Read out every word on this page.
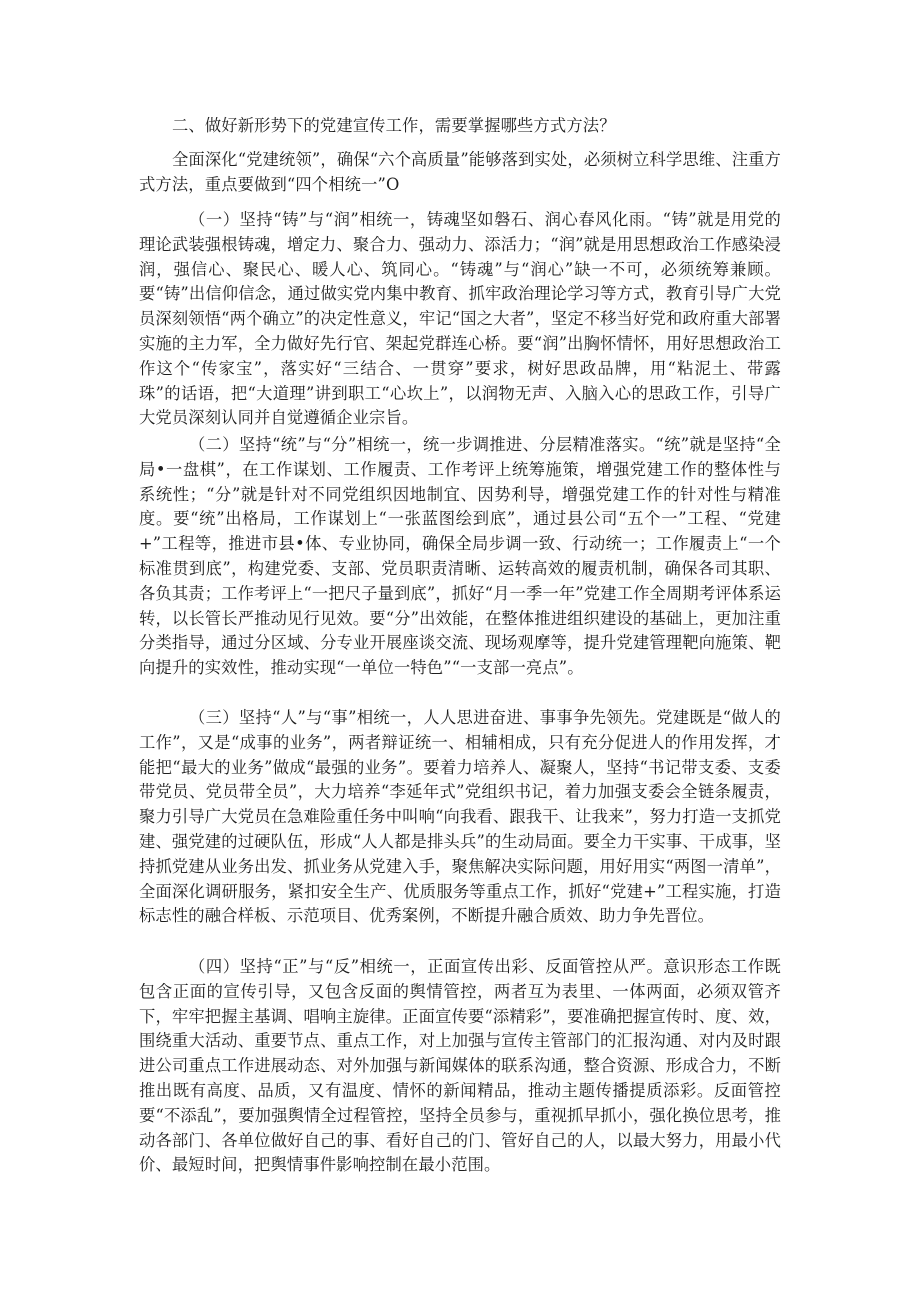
二、做好新形势下的党建宣传工作，需要掌握哪些方式方法？

全面深化“党建统领”，确保“六个高质量”能够落到实处，必须树立科学思维、注重方式方法，重点要做到“四个相统一”O

（一）坚持“铸”与“润”相统一，铸魂坚如磐石、润心春风化雨。“铸”就是用党的理论武装强根铸魂，增定力、聚合力、强动力、添活力；“润”就是用思想政治工作感染浸润，强信心、聚民心、暖人心、筑同心。“铸魂”与“润心”缺一不可，必须统筹兼顾。要“铸”出信仰信念，通过做实党内集中教育、抓牢政治理论学习等方式，教育引导广大党员深刻领悟“两个确立”的决定性意义，牢记“国之大者”，坚定不移当好党和政府重大部署实施的主力军，全力做好先行官、架起党群连心桥。要“润”出胸怀情怀，用好思想政治工作这个“传家宝”，落实好“三结合、一贯穿”要求，树好思政品牌，用“粘泥土、带露珠”的话语，把“大道理”讲到职工“心坎上”，以润物无声、入脑入心的思政工作，引导广大党员深刻认同并自觉遵循企业宗旨。

（二）坚持“统”与“分”相统一，统一步调推进、分层精准落实。“统”就是坚持“全局•一盘棋”，在工作谋划、工作履责、工作考评上统筹施策，增强党建工作的整体性与系统性；“分”就是针对不同党组织因地制宜、因势利导，增强党建工作的针对性与精准度。要“统”出格局，工作谋划上“一张蓝图绘到底”，通过县公司“五个一”工程、“党建+”工程等，推进市县•体、专业协同，确保全局步调一致、行动统一；工作履责上“一个标准贯到底”，构建党委、支部、党员职责清晰、运转高效的履责机制，确保各司其职、各负其责；工作考评上“一把尺子量到底”，抓好“月一季一年”党建工作全周期考评体系运转，以长管长严推动见行见效。要“分”出效能，在整体推进组织建设的基础上，更加注重分类指导，通过分区域、分专业开展座谈交流、现场观摩等，提升党建管理靶向施策、靶向提升的实效性，推动实现“一单位一特色”“一支部一亮点”。

（三）坚持“人”与“事”相统一，人人思进奋进、事事争先领先。党建既是“做人的工作”，又是“成事的业务”，两者辩证统一、相辅相成，只有充分促进人的作用发挥，才能把“最大的业务”做成“最强的业务”。要着力培养人、凝聚人，坚持“书记带支委、支委带党员、党员带全员”，大力培养“李延年式”党组织书记，着力加强支委会全链条履责，聚力引导广大党员在急难险重任务中叫响“向我看、跟我干、让我来”，努力打造一支抓党建、强党建的过硬队伍，形成“人人都是排头兵”的生动局面。要全力干实事、干成事，坚持抓党建从业务出发、抓业务从党建入手，聚焦解决实际问题，用好用实“两图一清单”，全面深化调研服务，紧扣安全生产、优质服务等重点工作，抓好“党建+”工程实施，打造标志性的融合样板、示范项目、优秀案例，不断提升融合质效、助力争先晋位。

（四）坚持“正”与“反”相统一，正面宣传出彩、反面管控从严。意识形态工作既包含正面的宣传引导，又包含反面的舆情管控，两者互为表里、一体两面，必须双管齐下，牢牢把握主基调、唱响主旋律。正面宣传要“添精彩”，要准确把握宣传时、度、效，围绕重大活动、重要节点、重点工作，对上加强与宣传主管部门的汇报沟通、对内及时跟进公司重点工作进展动态、对外加强与新闻媒体的联系沟通，整合资源、形成合力，不断推出既有高度、品质，又有温度、情怀的新闻精品，推动主题传播提质添彩。反面管控要“不添乱”，要加强舆情全过程管控，坚持全员参与，重视抓早抓小，强化换位思考，推动各部门、各单位做好自己的事、看好自己的门、管好自己的人，以最大努力，用最小代价、最短时间，把舆情事件影响控制在最小范围。
